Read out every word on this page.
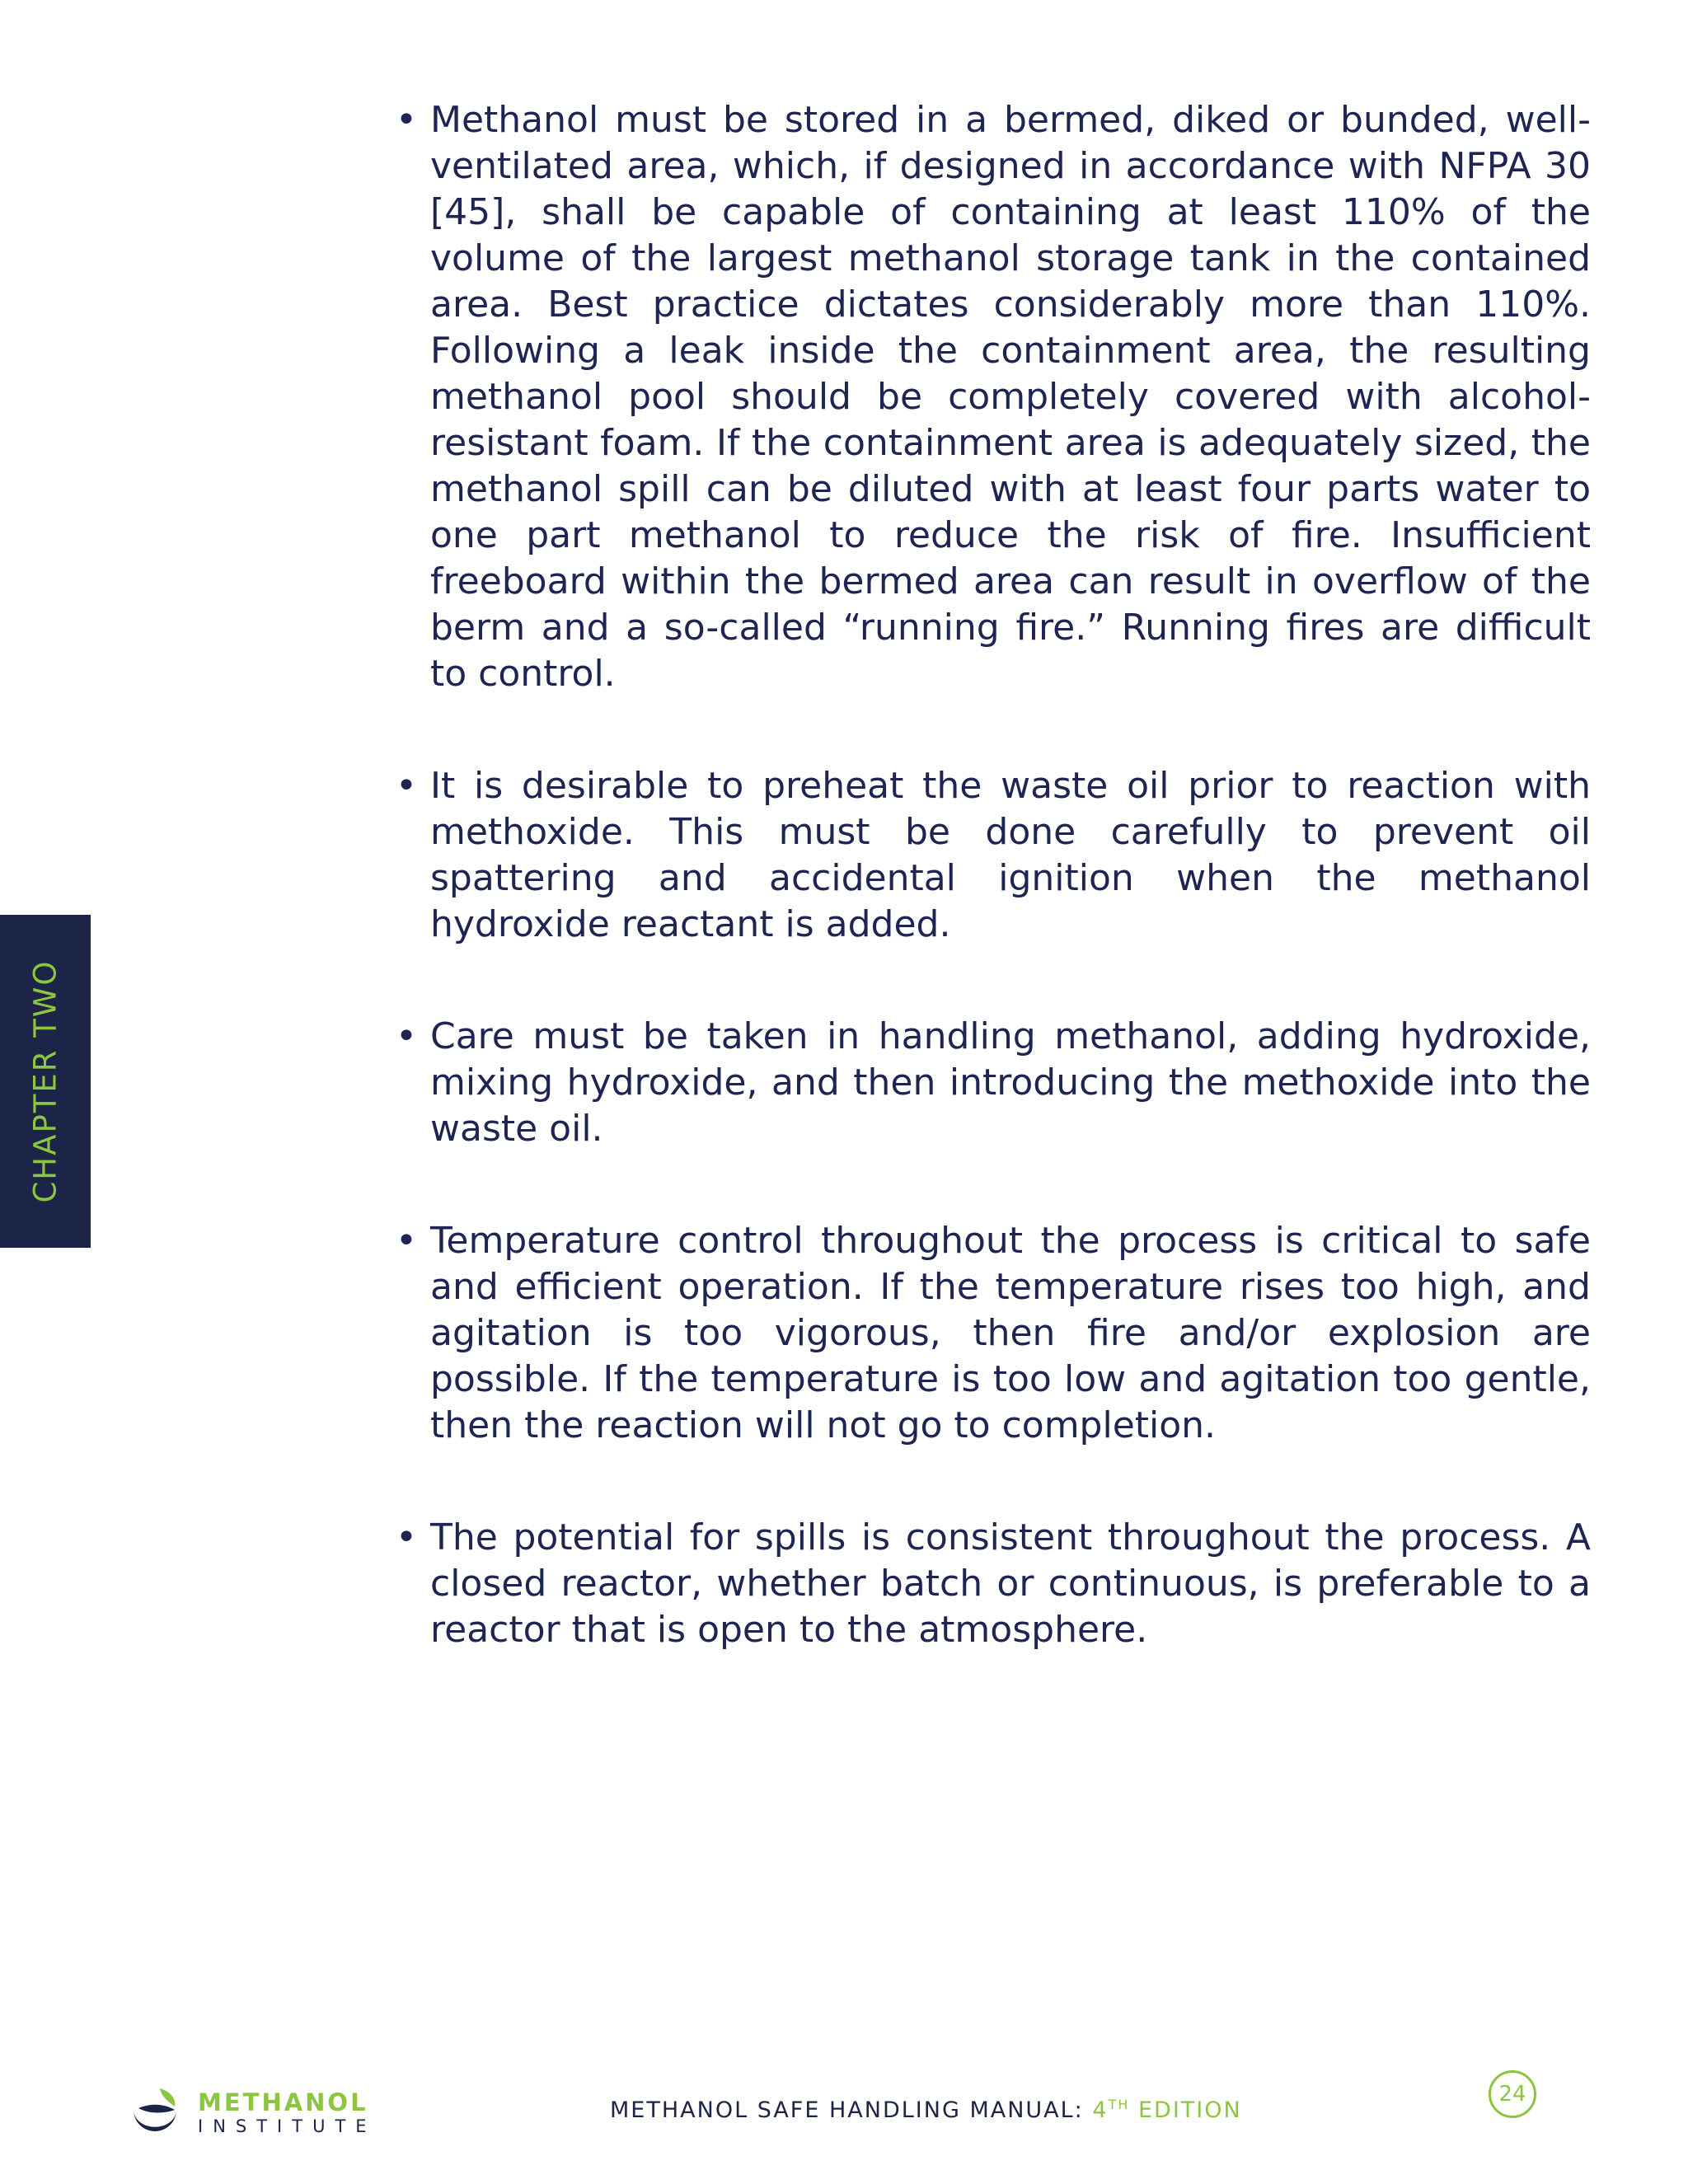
CHAPTER TWO
• Methanol must be stored in a bermed, diked or bunded, well-ventilated area, which, if designed in accordance with NFPA 30 [45], shall be capable of containing at least 110% of the volume of the largest methanol storage tank in the contained area. Best practice dictates considerably more than 110%. Following a leak inside the containment area, the resulting methanol pool should be completely covered with alcohol-resistant foam. If the containment area is adequately sized, the methanol spill can be diluted with at least four parts water to one part methanol to reduce the risk of fire. Insufficient freeboard within the bermed area can result in overflow of the berm and a so-called “running fire.” Running fires are difficult to control.
• It is desirable to preheat the waste oil prior to reaction with methoxide. This must be done carefully to prevent oil spattering and accidental ignition when the methanol hydroxide reactant is added.
• Care must be taken in handling methanol, adding hydroxide, mixing hydroxide, and then introducing the methoxide into the waste oil.
• Temperature control throughout the process is critical to safe and efficient operation. If the temperature rises too high, and agitation is too vigorous, then fire and/or explosion are possible. If the temperature is too low and agitation too gentle, then the reaction will not go to completion.
• The potential for spills is consistent throughout the process. A closed reactor, whether batch or continuous, is preferable to a reactor that is open to the atmosphere.
METHANOL
INSTITUTE
METHANOL SAFE HANDLING MANUAL: 4TH EDITION
24
